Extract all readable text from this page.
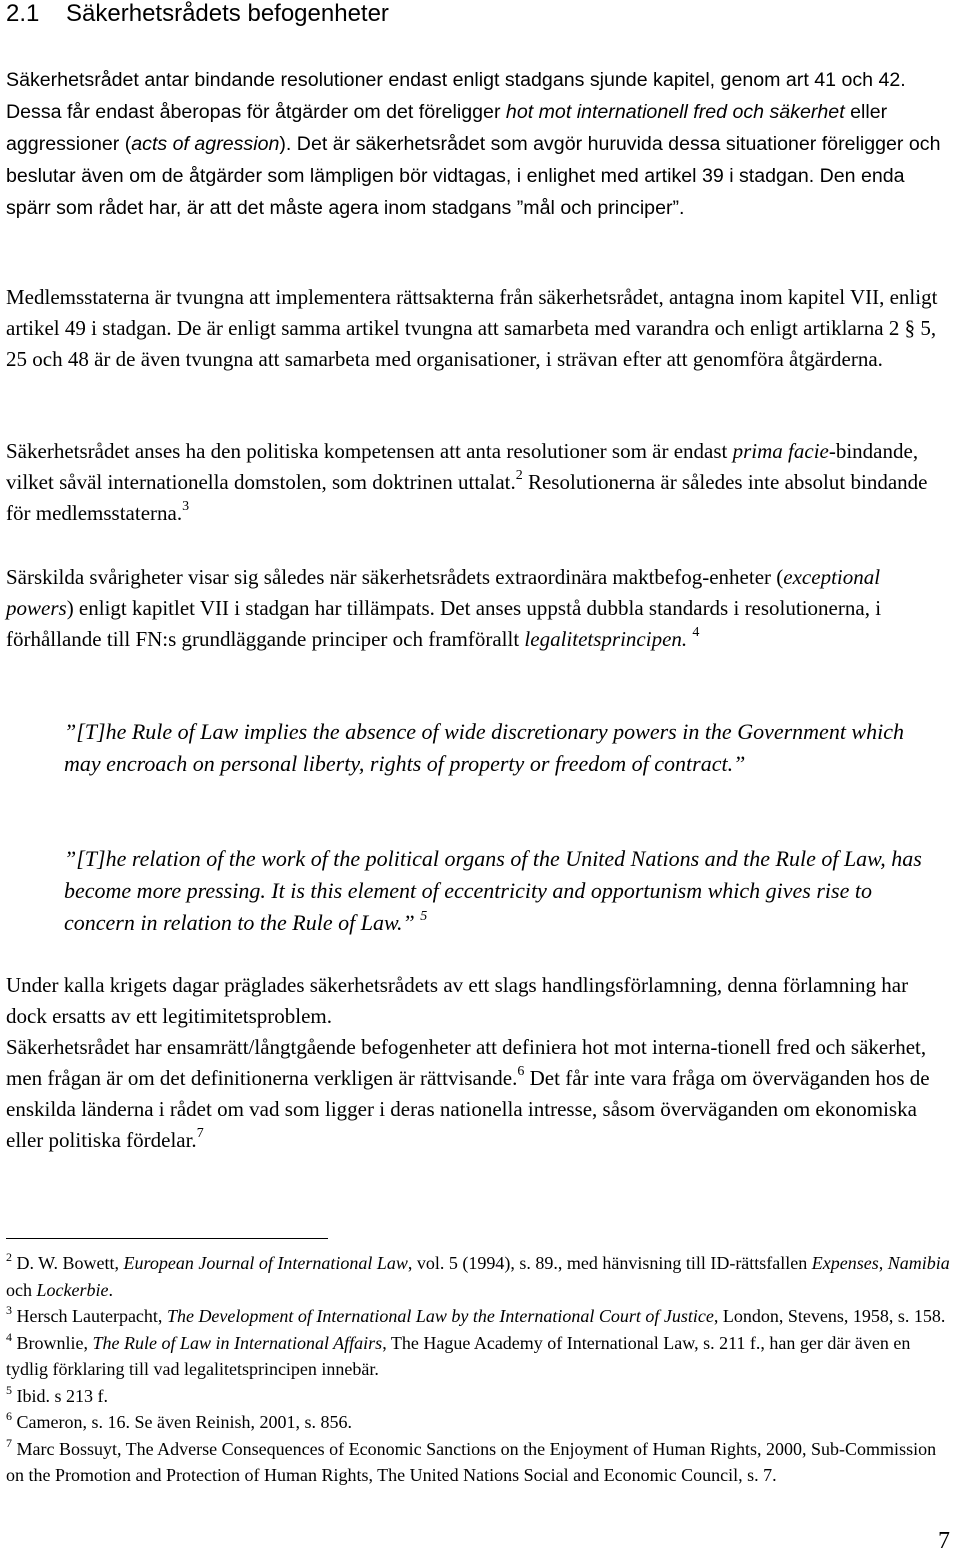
2.1    Säkerhetsrådets befogenheter
Säkerhetsrådet antar bindande resolutioner endast enligt stadgans sjunde kapitel, genom art 41 och 42. Dessa får endast åberopas för åtgärder om det föreligger hot mot internationell fred och säkerhet eller aggressioner (acts of agression). Det är säkerhetsrådet som avgör huruvida dessa situationer föreligger och beslutar även om de åtgärder som lämpligen bör vidtagas, i enlighet med artikel 39 i stadgan. Den enda spärr som rådet har, är att det måste agera inom stadgans ”mål och principer”.
Medlemsstaterna är tvungna att implementera rättsakterna från säkerhetsrådet, antagna inom kapitel VII, enligt artikel 49 i stadgan. De är enligt samma artikel tvungna att samarbeta med varandra och enligt artiklarna 2 § 5, 25 och 48 är de även tvungna att samarbeta med organisationer, i strävan efter att genomföra åtgärderna.
Säkerhetsrådet anses ha den politiska kompetensen att anta resolutioner som är endast prima facie-bindande, vilket såväl internationella domstolen, som doktrinen uttalat.$^2$ Resolutionerna är således inte absolut bindande för medlemsstaterna.$^3$
Särskilda svårigheter visar sig således när säkerhetsrådets extraordinära maktbefog-enheter (exceptional powers) enligt kapitlet VII i stadgan har tillämpats. Det anses uppstå dubbla standards i resolutionerna, i förhållande till FN:s grundläggande principer och framförallt legalitetsprincipen. $^4$
”[T]he Rule of Law implies the absence of wide discretionary powers in the Government which may encroach on personal liberty, rights of property or freedom of contract.”
”[T]he relation of the work of the political organs of the United Nations and the Rule of Law, has become more pressing. It is this element of eccentricity and opportunism which gives rise to concern in relation to the Rule of Law.” $^5$
Under kalla krigets dagar präglades säkerhetsrådets av ett slags handlingsförlamning, denna förlamning har dock ersatts av ett legitimitetsproblem.
Säkerhetsrådet har ensamrätt/långtgående befogenheter att definiera hot mot interna-tionell fred och säkerhet, men frågan är om det definitionerna verkligen är rättvisande.$^6$ Det får inte vara fråga om överväganden hos de enskilda länderna i rådet om vad som ligger i deras nationella intresse, såsom överväganden om ekonomiska eller politiska fördelar.$^7$
$^2$ D. W. Bowett, European Journal of International Law, vol. 5 (1994), s. 89., med hänvisning till ID-rättsfallen Expenses, Namibia och Lockerbie.
$^3$ Hersch Lauterpacht, The Development of International Law by the International Court of Justice, London, Stevens, 1958, s. 158.
$^4$ Brownlie, The Rule of Law in International Affairs, The Hague Academy of International Law, s. 211 f., han ger där även en tydlig förklaring till vad legalitetsprincipen innebär.
$^5$ Ibid. s 213 f.
$^6$ Cameron, s. 16. Se även Reinish, 2001, s. 856.
$^7$ Marc Bossuyt, The Adverse Consequences of Economic Sanctions on the Enjoyment of Human Rights, 2000, Sub-Commission on the Promotion and Protection of Human Rights, The United Nations Social and Economic Council, s. 7.
7
